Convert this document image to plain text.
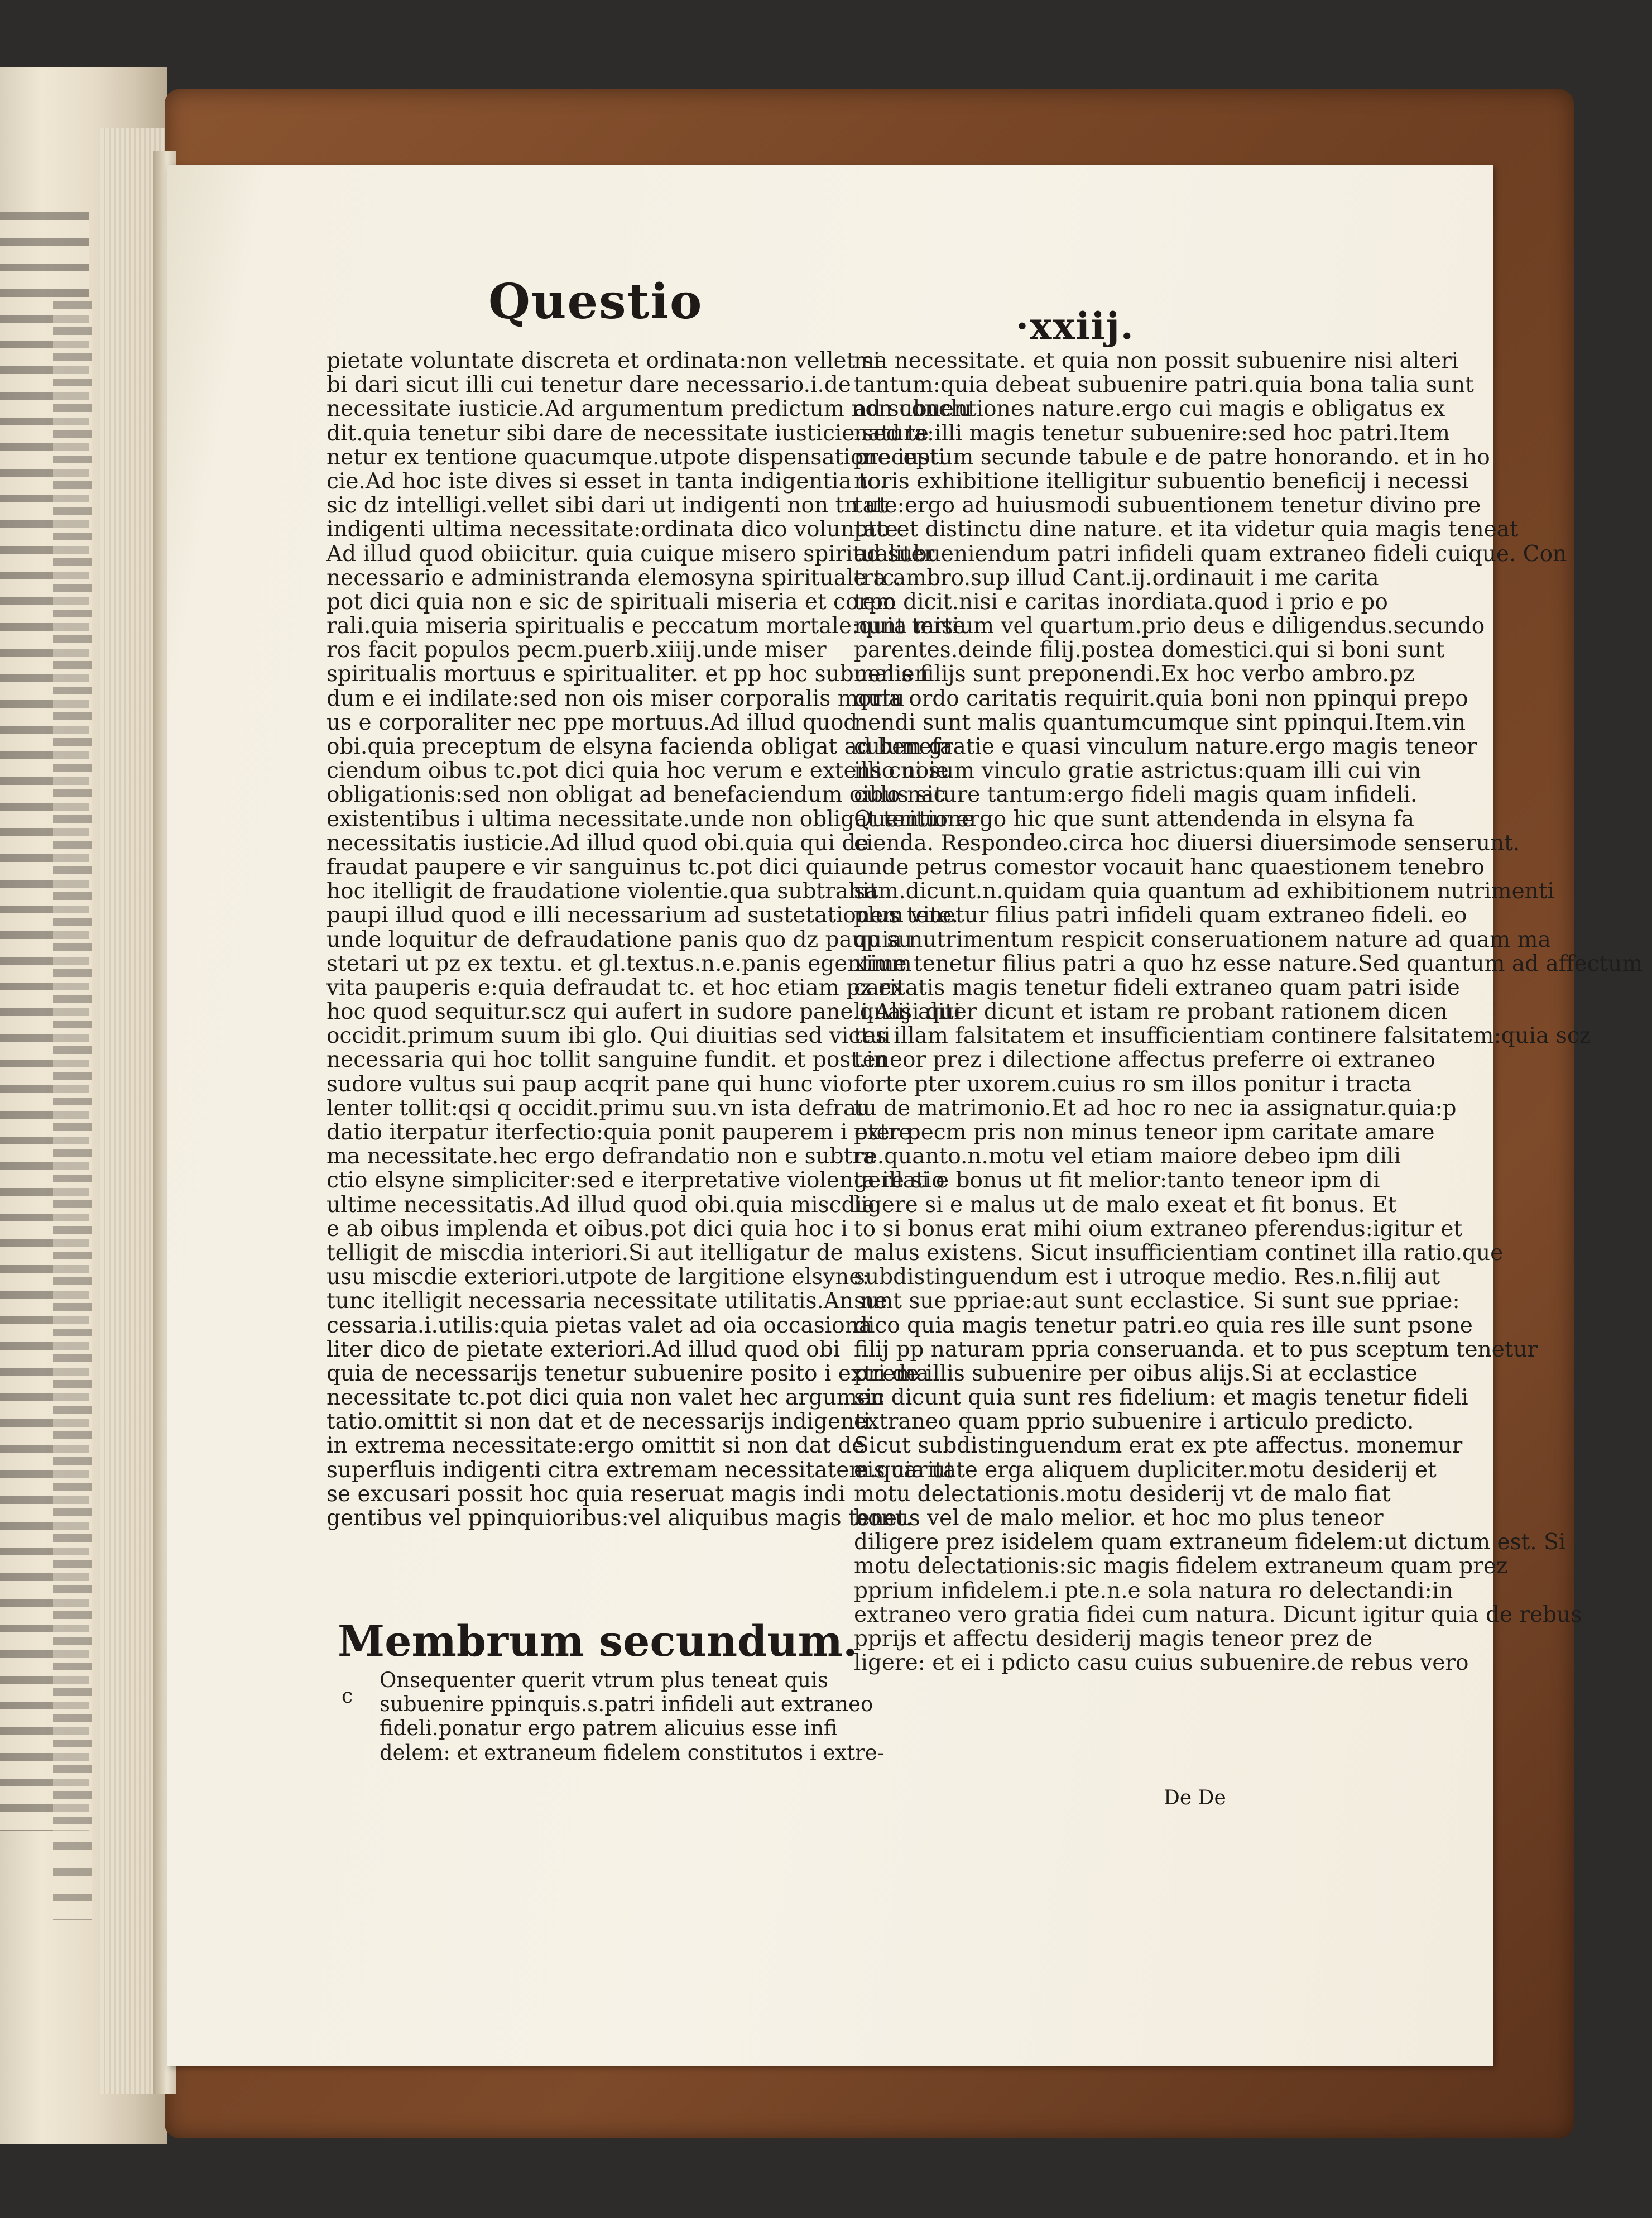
Questio	·xxiij.
pietate voluntate discreta et ordinata:non vellet si
bi dari sicut illi cui tenetur dare necessario.i.de
necessitate iusticie.Ad argumentum predictum non conclu
dit.quia tenetur sibi dare de necessitate iusticie:sed te
netur ex tentione quacumque.utpote dispensatione iusti
cie.Ad hoc iste dives si esset in tanta indigentia tc.
sic dz intelligi.vellet sibi dari ut indigenti non tn ut
indigenti ultima necessitate:ordinata dico voluntate.
Ad illud quod obiicitur. quia cuique misero spiritualiter
necessario e administranda elemosyna spirituale tc.
pot dici quia non e sic de spirituali miseria et corpo
rali.quia miseria spiritualis e peccatum mortale:quia mise
ros facit populos pecm.puerb.xiiij.unde miser
spiritualis mortuus e spiritualiter. et pp hoc subuenien
dum e ei indilate:sed non ois miser corporalis mortu
us e corporaliter nec ppe mortuus.Ad illud quod
obi.quia preceptum de elsyna facienda obligat ad benefa
ciendum oibus tc.pot dici quia hoc verum e extenso noie
obligationis:sed non obligat ad benefaciendum oibus sic
existentibus i ultima necessitate.unde non obligat tentione
necessitatis iusticie.Ad illud quod obi.quia qui de
fraudat paupere e vir sanguinus tc.pot dici quia
hoc itelligit de fraudatione violentie.qua subtrahit
paupi illud quod e illi necessarium ad sustetationem vite.
unde loquitur de defraudatione panis quo dz paup su
stetari ut pz ex textu. et gl.textus.n.e.panis egentium
vita pauperis e:quia defraudat tc. et hoc etiam pz ex
hoc quod sequitur.scz qui aufert in sudore pane.quasi qui
occidit.primum suum ibi glo. Qui diuitias sed victui
necessaria qui hoc tollit sanguine fundit. et post.in
sudore vultus sui paup acqrit pane qui hunc vio
lenter tollit:qsi q occidit.primu suu.vn ista defrau
datio iterpatur iterfectio:quia ponit pauperem i extre
ma necessitate.hec ergo defrandatio non e subtra
ctio elsyne simpliciter:sed e iterpretative violenta illatio
ultime necessitatis.Ad illud quod obi.quia miscdia
e ab oibus implenda et oibus.pot dici quia hoc i
telligit de miscdia interiori.Si aut itelligatur de
usu miscdie exteriori.utpote de largitione elsyne:
tunc itelligit necessaria necessitate utilitatis.An ne
cessaria.i.utilis:quia pietas valet ad oia occasiona
liter dico de pietate exteriori.Ad illud quod obi
quia de necessarijs tenetur subuenire posito i extrema
necessitate tc.pot dici quia non valet hec argumen
tatio.omittit si non dat et de necessarijs indigenti
in extrema necessitate:ergo omittit si non dat de
superfluis indigenti citra extremam necessitatem.quia ut
se excusari possit hoc quia reseruat magis indi
gentibus vel ppinquioribus:vel aliquibus magis tenet.
Membrum secundum.
c
Onsequenter querit vtrum plus teneat quis
subuenire ppinquis.s.patri infideli aut extraneo
fideli.ponatur ergo patrem alicuius esse infi
delem: et extraneum fidelem constitutos i extre-
ma necessitate. et quia non possit subuenire nisi alteri
tantum:quia debeat subuenire patri.quia bona talia sunt
ad subuentiones nature.ergo cui magis e obligatus ex
natura:illi magis tenetur subuenire:sed hoc patri.Item
preceptum secunde tabule e de patre honorando. et in ho
noris exhibitione itelligitur subuentio beneficij i necessi
tate:ergo ad huiusmodi subuentionem tenetur divino pre
pto et distinctu dine nature. et ita videtur quia magis teneat
ad subueniendum patri infideli quam extraneo fideli cuique. Con
tra ambro.sup illud Cant.ij.ordinauit i me carita
tem dicit.nisi e caritas inordiata.quod i prio e po
nunt tertium vel quartum.prio deus e diligendus.secundo
parentes.deinde filij.postea domestici.qui si boni sunt
malis filijs sunt preponendi.Ex hoc verbo ambro.pz
quia ordo caritatis requirit.quia boni non ppinqui prepo
nendi sunt malis quantumcumque sint ppinqui.Item.vin
culum gratie e quasi vinculum nature.ergo magis teneor
illi cui sum vinculo gratie astrictus:quam illi cui vin
culo nature tantum:ergo fideli magis quam infideli.
Queritur ergo hic que sunt attendenda in elsyna fa
cienda. Respondeo.circa hoc diuersi diuersimode senserunt.
unde petrus comestor vocauit hanc quaestionem tenebro
sam.dicunt.n.quidam quia quantum ad exhibitionem nutrimenti
plus tenetur filius patri infideli quam extraneo fideli. eo
quia nutrimentum respicit conseruationem nature ad quam ma
xime tenetur filius patri a quo hz esse nature.Sed quantum ad affectum
caritatis magis tenetur fideli extraneo quam patri iside
li.Alij aliter dicunt et istam re probant rationem dicen
tes illam falsitatem et insufficientiam continere falsitatem:quia scz
teneor prez i dilectione affectus preferre oi extraneo
forte pter uxorem.cuius ro sm illos ponitur i tracta
tu de matrimonio.Et ad hoc ro nec ia assignatur.quia:p
pter pecm pris non minus teneor ipm caritate amare
re.quanto.n.motu vel etiam maiore debeo ipm dili
gere si e bonus ut fit melior:tanto teneor ipm di
ligere si e malus ut de malo exeat et fit bonus. Et
to si bonus erat mihi oium extraneo pferendus:igitur et
malus existens. Sicut insufficientiam continet illa ratio.que
subdistinguendum est i utroque medio. Res.n.filij aut
sunt sue ppriae:aut sunt ecclastice. Si sunt sue ppriae:
dico quia magis tenetur patri.eo quia res ille sunt psone
filij pp naturam ppria conseruanda. et to pus sceptum tenetur
pri de illis subuenire per oibus alijs.Si at ecclastice
sic dicunt quia sunt res fidelium: et magis tenetur fideli
extraneo quam pprio subuenire i articulo predicto.
Sicut subdistinguendum erat ex pte affectus. monemur
eis caritate erga aliquem dupliciter.motu desiderij et
motu delectationis.motu desiderij vt de malo fiat
bonus vel de malo melior. et hoc mo plus teneor
diligere prez isidelem quam extraneum fidelem:ut dictum est. Si
motu delectationis:sic magis fidelem extraneum quam prez
pprium infidelem.i pte.n.e sola natura ro delectandi:in
extraneo vero gratia fidei cum natura. Dicunt igitur quia de rebus
pprijs et affectu desiderij magis teneor prez de
ligere: et ei i pdicto casu cuius subuenire.de rebus vero
De De
